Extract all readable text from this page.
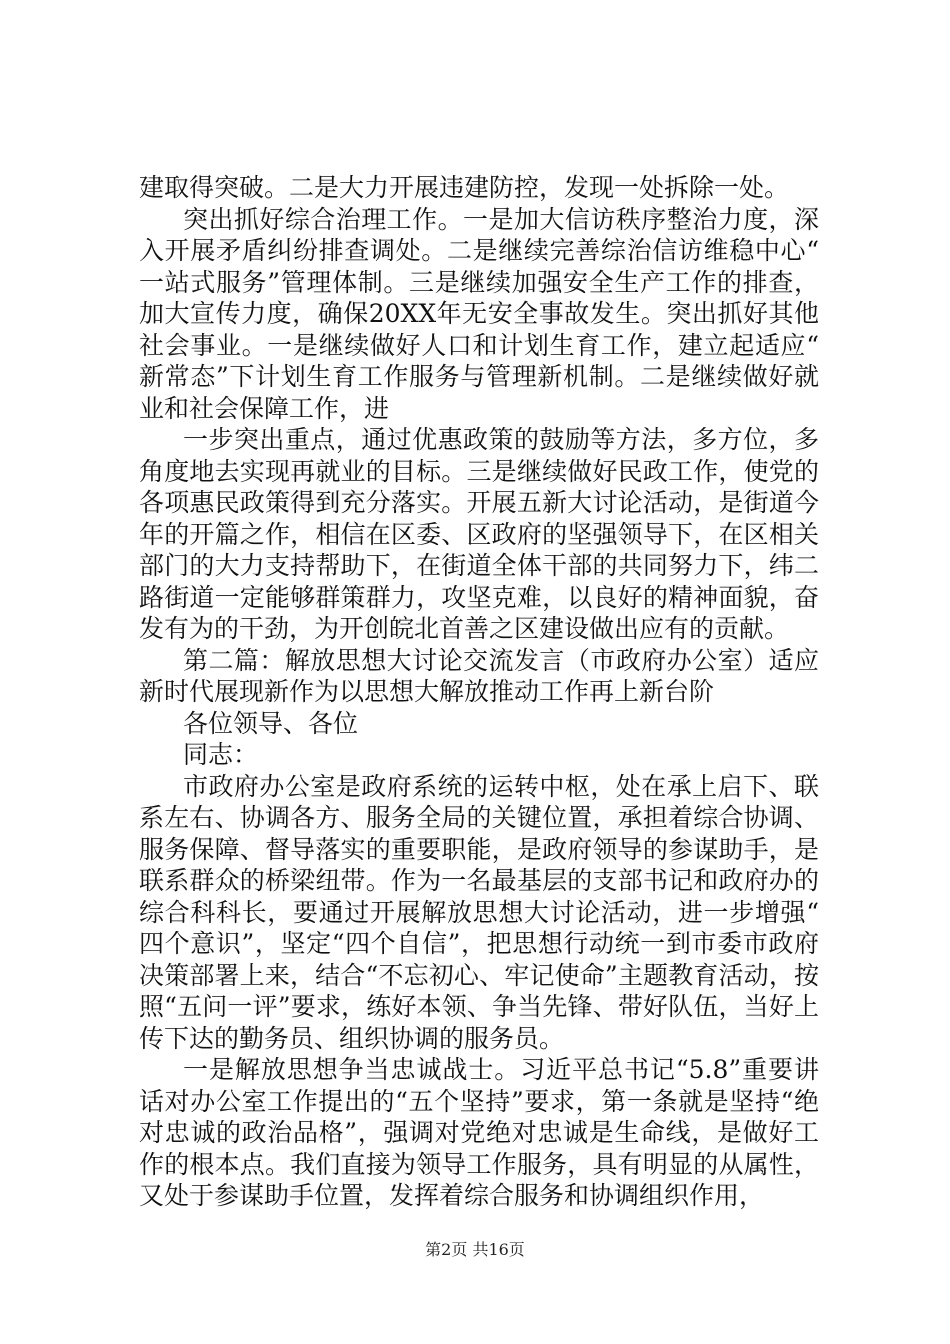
建取得突破。二是大力开展违建防控，发现一处拆除一处。

突出抓好综合治理工作。一是加大信访秩序整治力度，深入开展矛盾纠纷排查调处。二是继续完善综治信访维稳中心“一站式服务”管理体制。三是继续加强安全生产工作的排查，加大宣传力度，确保20XX年无安全事故发生。突出抓好其他社会事业。一是继续做好人口和计划生育工作，建立起适应“新常态”下计划生育工作服务与管理新机制。二是继续做好就业和社会保障工作，进

一步突出重点，通过优惠政策的鼓励等方法，多方位，多角度地去实现再就业的目标。三是继续做好民政工作，使党的各项惠民政策得到充分落实。开展五新大讨论活动，是街道今年的开篇之作，相信在区委、区政府的坚强领导下，在区相关部门的大力支持帮助下，在街道全体干部的共同努力下，纬二路街道一定能够群策群力，攻坚克难，以良好的精神面貌，奋发有为的干劲，为开创皖北首善之区建设做出应有的贡献。

第二篇：解放思想大讨论交流发言（市政府办公室）适应新时代展现新作为以思想大解放推动工作再上新台阶

各位领导、各位

同志：

市政府办公室是政府系统的运转中枢，处在承上启下、联系左右、协调各方、服务全局的关键位置，承担着综合协调、服务保障、督导落实的重要职能，是政府领导的参谋助手，是联系群众的桥梁纽带。作为一名最基层的支部书记和政府办的综合科科长，要通过开展解放思想大讨论活动，进一步增强“四个意识”，坚定“四个自信”，把思想行动统一到市委市政府决策部署上来，结合“不忘初心、牢记使命”主题教育活动，按照“五问一评”要求，练好本领、争当先锋、带好队伍，当好上传下达的勤务员、组织协调的服务员。

一是解放思想争当忠诚战士。习近平总书记“5.8”重要讲话对办公室工作提出的“五个坚持”要求，第一条就是坚持“绝对忠诚的政治品格”，强调对党绝对忠诚是生命线，是做好工作的根本点。我们直接为领导工作服务，具有明显的从属性，又处于参谋助手位置，发挥着综合服务和协调组织作用，

第2页 共16页
